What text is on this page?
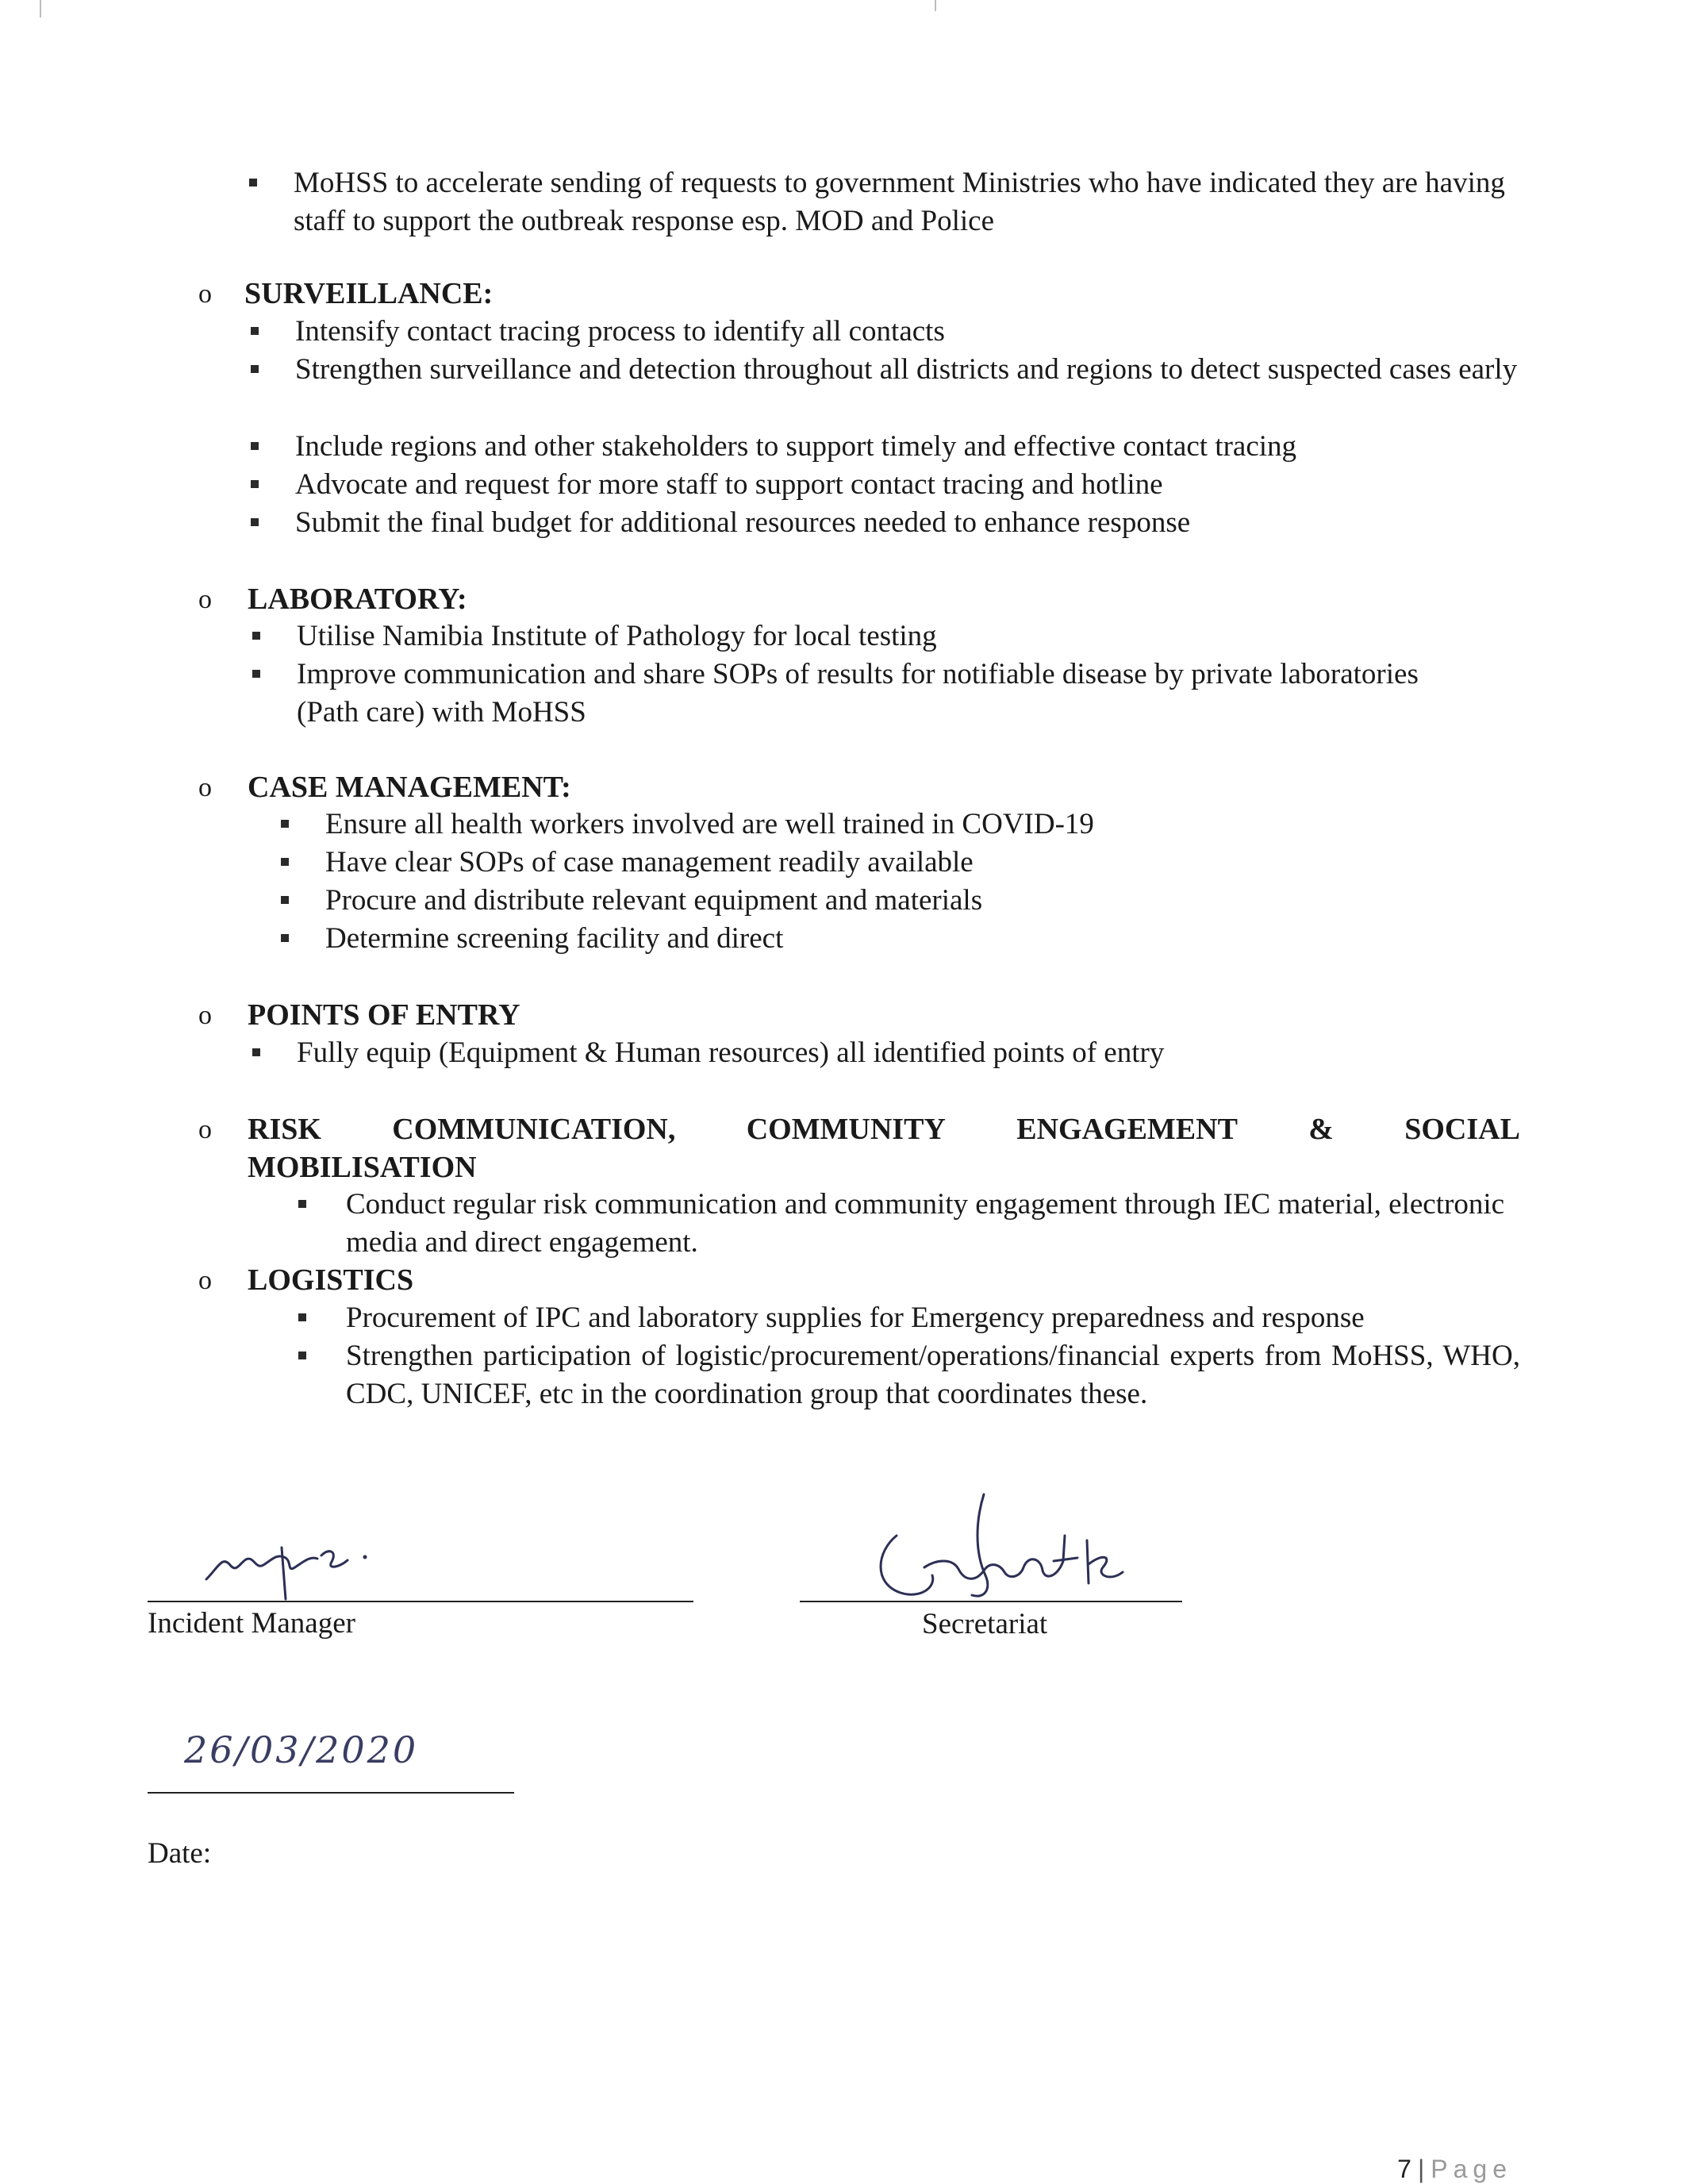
MoHSS to accelerate sending of requests to government Ministries who have indicated they are having staff to support the outbreak response esp. MOD and Police
o SURVEILLANCE:
Intensify contact tracing process to identify all contacts
Strengthen surveillance and detection throughout all districts and regions to detect suspected cases early
Include regions and other stakeholders to support timely and effective contact tracing
Advocate and request for more staff to support contact tracing and hotline
Submit the final budget for additional resources needed to enhance response
o LABORATORY:
Utilise Namibia Institute of Pathology for local testing
Improve communication and share SOPs of results for notifiable disease by private laboratories (Path care) with MoHSS
o CASE MANAGEMENT:
Ensure all health workers involved are well trained in COVID-19
Have clear SOPs of case management readily available
Procure and distribute relevant equipment and materials
Determine screening facility and direct
o POINTS OF ENTRY
Fully equip (Equipment & Human resources) all identified points of entry
o RISK COMMUNICATION, COMMUNITY ENGAGEMENT & SOCIAL
MOBILISATION
Conduct regular risk communication and community engagement through IEC material, electronic media and direct engagement.
o LOGISTICS
Procurement of IPC and laboratory supplies for Emergency preparedness and response
Strengthen participation of logistic/procurement/operations/financial experts from MoHSS, WHO, CDC, UNICEF, etc in the coordination group that coordinates these.
Incident Manager	Secretariat
26/03/2020
Date:
7 | Page
